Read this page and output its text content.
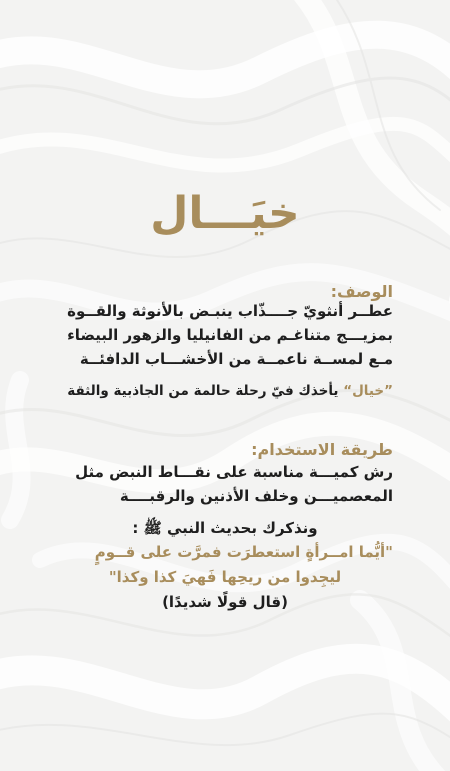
خيَـــال
الوصف:
عطــر أنثويّ جــــذّاب ينبـض بالأنوثة والقــوة
بمزيـــج متناغـم من الفانيليا والزهور البيضاء
مـع لمســة ناعمــة من الأخشـــاب الدافئــة
”خيال“ يأخذك فيّ رحلة حالمة من الجاذبية والثقة
طريقة الاستخدام:
رش كميـــة مناسبة على نقـــاط النبض مثل
المعصميـــن وخلف الأذنين والرقبــــة
ونذكرك بحديث النبي ﷺ :
"أيُّما امــرأةٍ استعطرَت فمرَّت على قــومٍ
ليجِدوا من ريحِها فَهيَ كذا وكذا"
(قال قولًا شديدًا)
